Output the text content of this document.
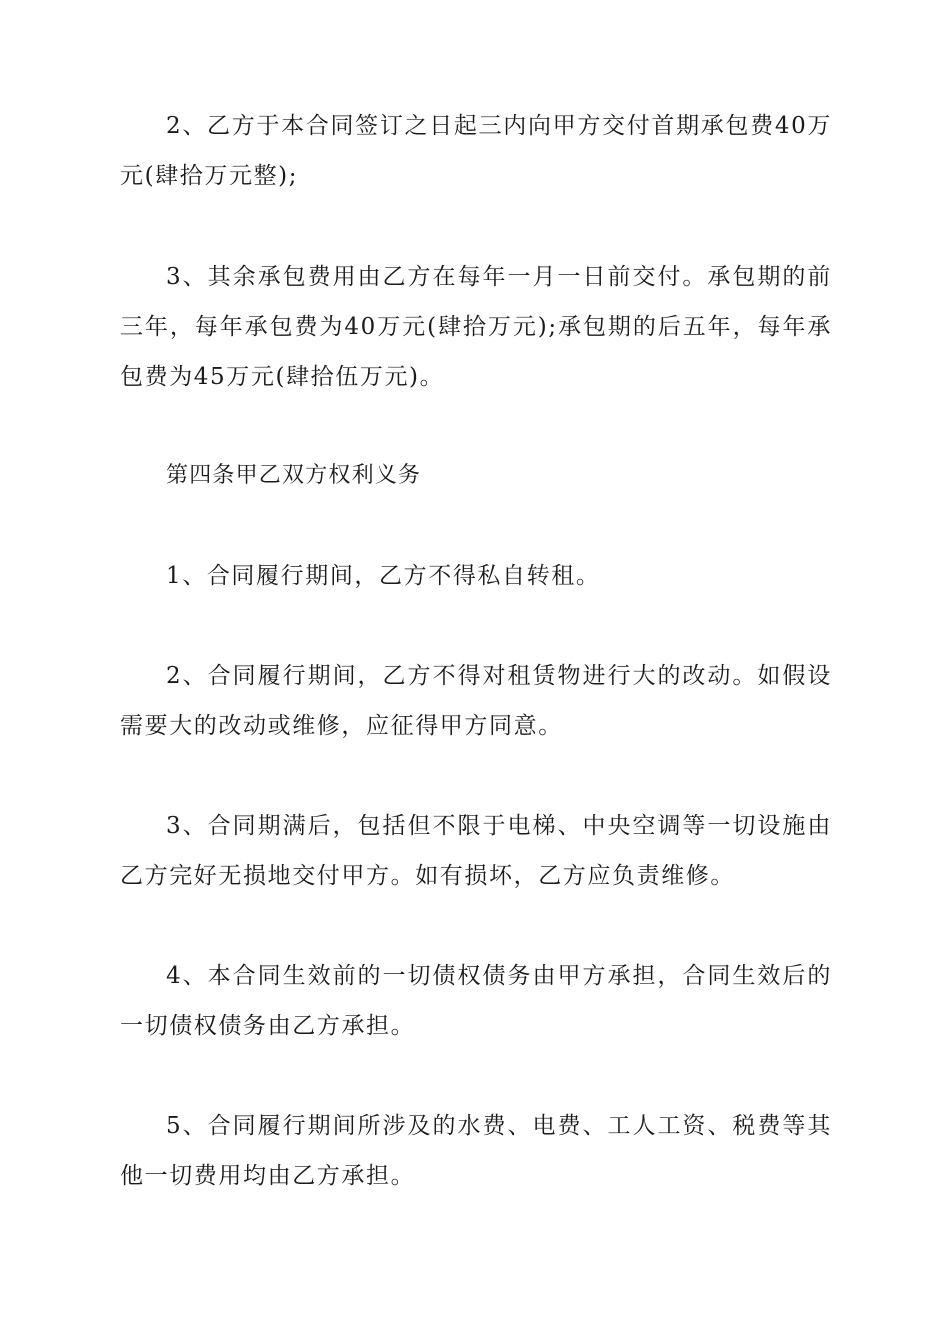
2、乙方于本合同签订之日起三内向甲方交付首期承包费40万元(肆拾万元整);

3、其余承包费用由乙方在每年一月一日前交付。承包期的前三年，每年承包费为40万元(肆拾万元);承包期的后五年，每年承包费为45万元(肆拾伍万元)。

第四条甲乙双方权利义务

1、合同履行期间，乙方不得私自转租。

2、合同履行期间，乙方不得对租赁物进行大的改动。如假设需要大的改动或维修，应征得甲方同意。

3、合同期满后，包括但不限于电梯、中央空调等一切设施由乙方完好无损地交付甲方。如有损坏，乙方应负责维修。

4、本合同生效前的一切债权债务由甲方承担，合同生效后的一切债权债务由乙方承担。

5、合同履行期间所涉及的水费、电费、工人工资、税费等其他一切费用均由乙方承担。
